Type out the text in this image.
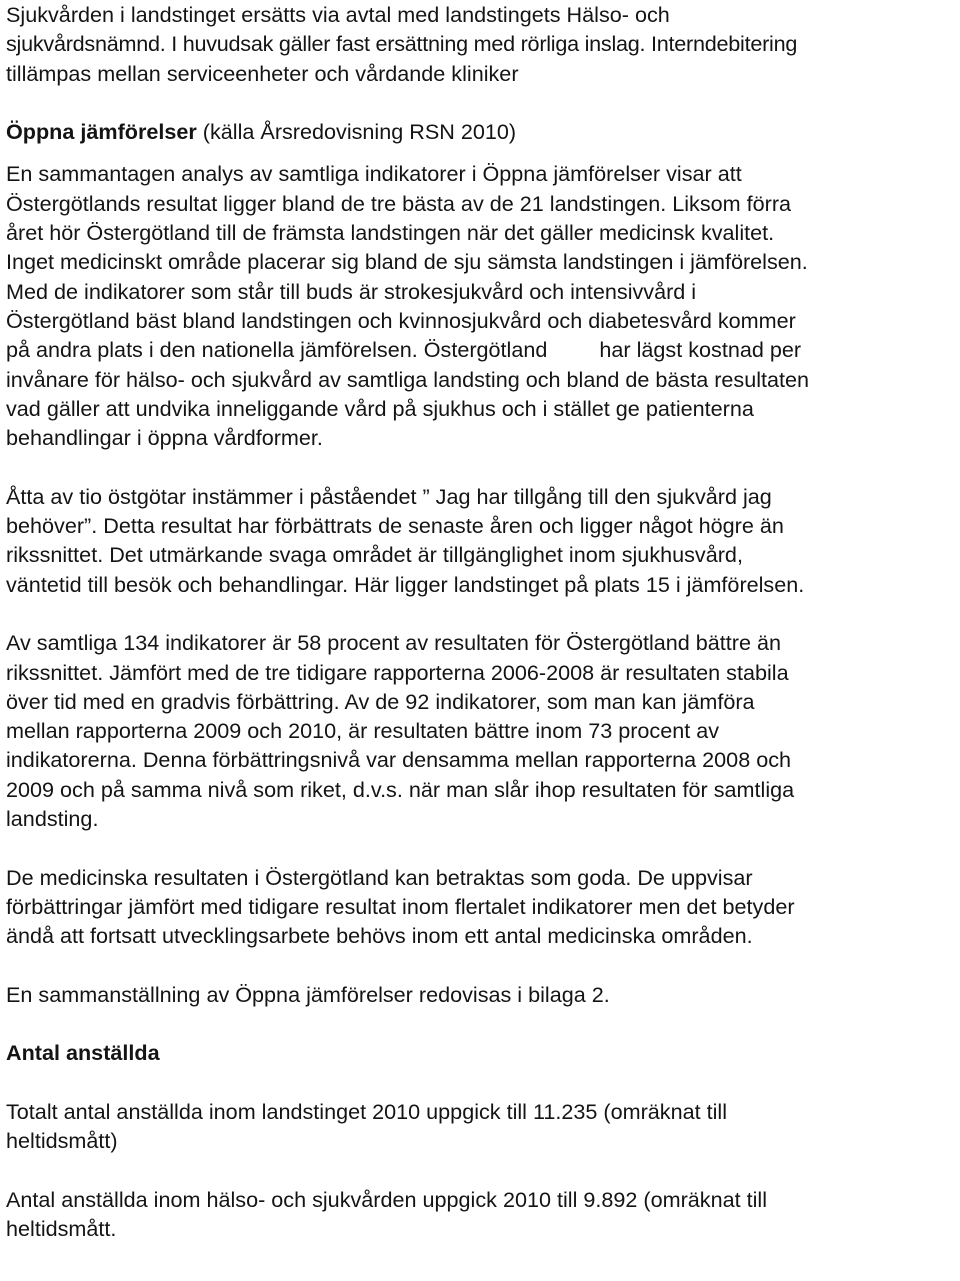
Sjukvården i landstinget ersätts via avtal med landstingets Hälso- och
sjukvårdsnämnd. I huvudsak gäller fast ersättning med rörliga inslag. Interndebitering
tillämpas mellan serviceenheter och vårdande kliniker
Öppna jämförelser (källa Årsredovisning RSN 2010)
En sammantagen analys av samtliga indikatorer i Öppna jämförelser visar att
Östergötlands resultat ligger bland de tre bästa av de 21 landstingen. Liksom förra
året hör Östergötland till de främsta landstingen när det gäller medicinsk kvalitet.
Inget medicinskt område placerar sig bland de sju sämsta landstingen i jämförelsen.
Med de indikatorer som står till buds är strokesjukvård och intensivvård i
Östergötland bäst bland landstingen och kvinnosjukvård och diabetesvård kommer
på andra plats i den nationella jämförelsen. Östergötland har lägst kostnad per
invånare för hälso- och sjukvård av samtliga landsting och bland de bästa resultaten
vad gäller att undvika inneliggande vård på sjukhus och i stället ge patienterna
behandlingar i öppna vårdformer.
Åtta av tio östgötar instämmer i påståendet ” Jag har tillgång till den sjukvård jag
behöver”. Detta resultat har förbättrats de senaste åren och ligger något högre än
rikssnittet. Det utmärkande svaga området är tillgänglighet inom sjukhusvård,
väntetid till besök och behandlingar. Här ligger landstinget på plats 15 i jämförelsen.
Av samtliga 134 indikatorer är 58 procent av resultaten för Östergötland bättre än
rikssnittet. Jämfört med de tre tidigare rapporterna 2006-2008 är resultaten stabila
över tid med en gradvis förbättring. Av de 92 indikatorer, som man kan jämföra
mellan rapporterna 2009 och 2010, är resultaten bättre inom 73 procent av
indikatorerna. Denna förbättringsnivå var densamma mellan rapporterna 2008 och
2009 och på samma nivå som riket, d.v.s. när man slår ihop resultaten för samtliga
landsting.
De medicinska resultaten i Östergötland kan betraktas som goda. De uppvisar
förbättringar jämfört med tidigare resultat inom flertalet indikatorer men det betyder
ändå att fortsatt utvecklingsarbete behövs inom ett antal medicinska områden.
En sammanställning av Öppna jämförelser redovisas i bilaga 2.
Antal anställda
Totalt antal anställda inom landstinget 2010 uppgick till 11.235 (omräknat till
heltidsmått)
Antal anställda inom hälso- och sjukvården uppgick 2010 till 9.892 (omräknat till
heltidsmått.
